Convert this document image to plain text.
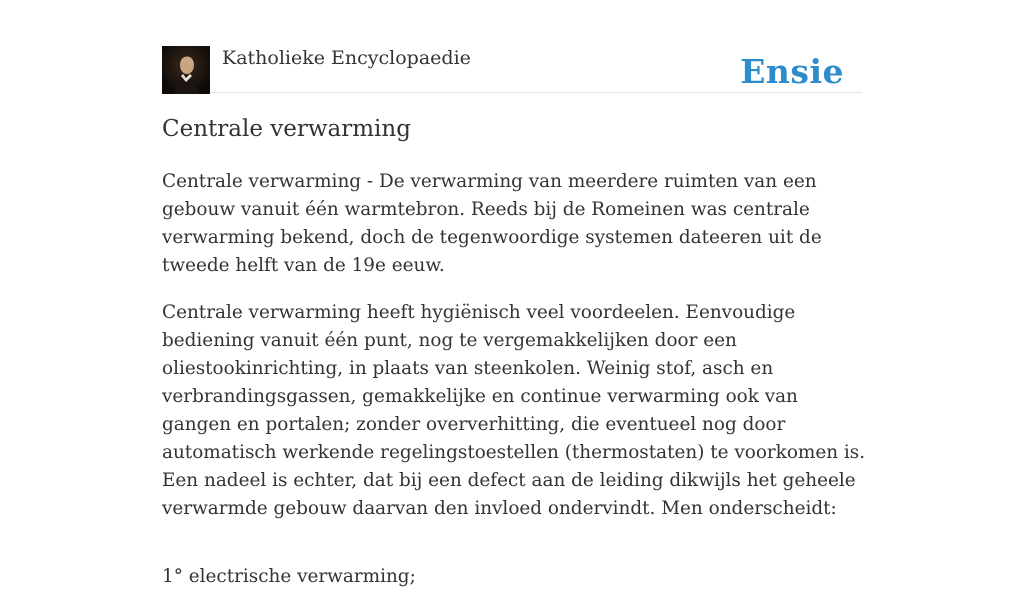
Katholieke Encyclopaedie	Ensie
Centrale verwarming

Centrale verwarming - De verwarming van meerdere ruimten van een gebouw vanuit één warmtebron. Reeds bij de Romeinen was centrale verwarming bekend, doch de tegenwoordige systemen dateeren uit de tweede helft van de 19e eeuw.

Centrale verwarming heeft hygiënisch veel voordeelen. Eenvoudige bediening vanuit één punt, nog te vergemakkelijken door een oliestookinrichting, in plaats van steenkolen. Weinig stof, asch en verbrandingsgassen, gemakkelijke en continue verwarming ook van gangen en portalen; zonder oververhitting, die eventueel nog door automatisch werkende regelingstoestellen (thermostaten) te voorkomen is. Een nadeel is echter, dat bij een defect aan de leiding dikwijls het geheele verwarmde gebouw daarvan den invloed ondervindt. Men onderscheidt:

1° electrische verwarming;
